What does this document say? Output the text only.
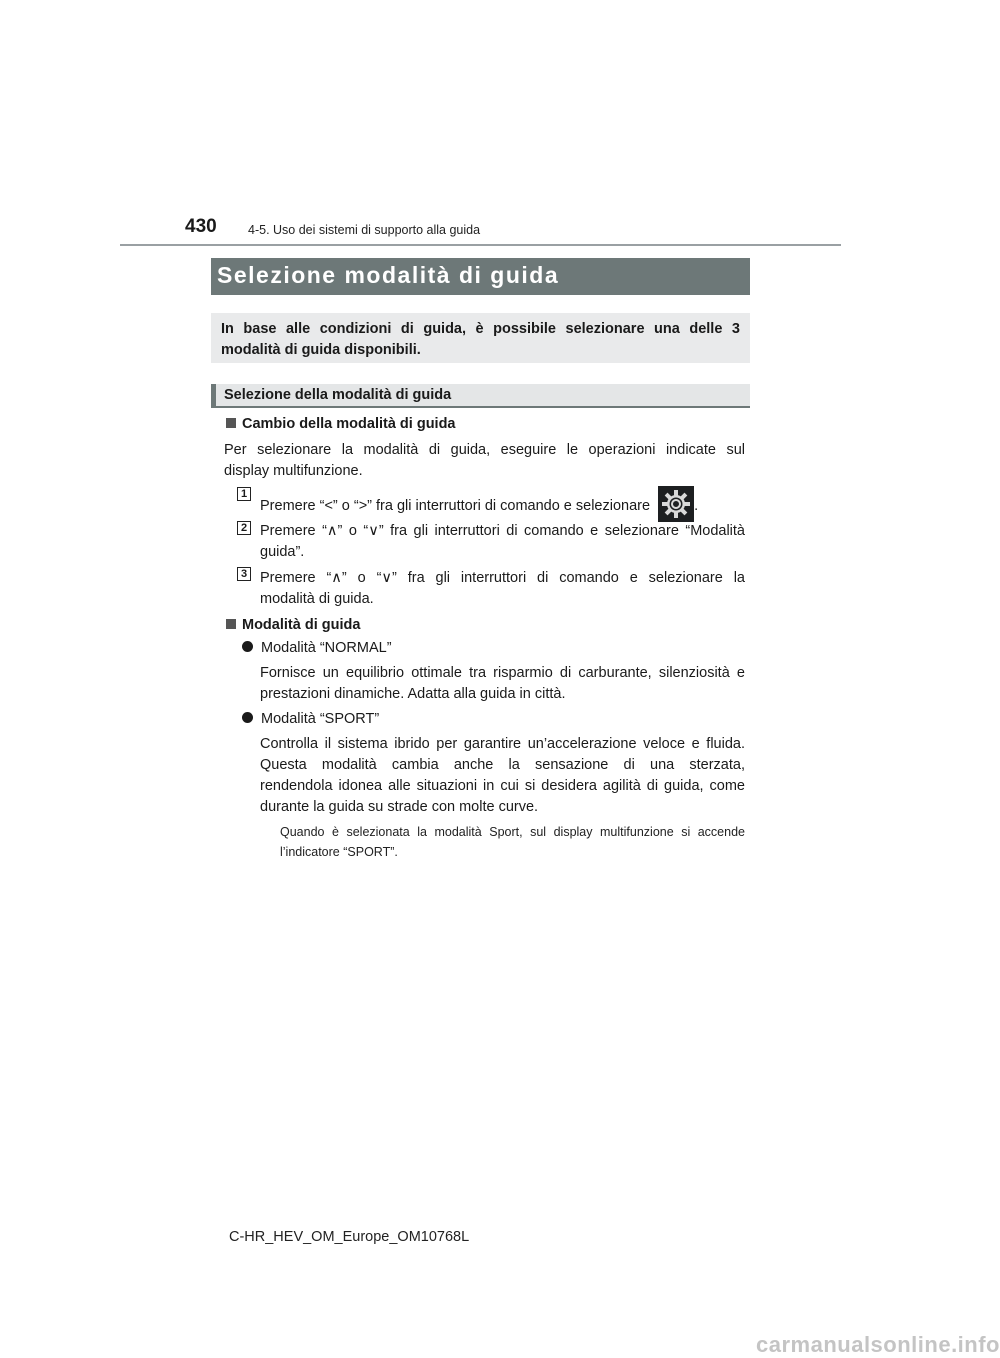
430	4-5. Uso dei sistemi di supporto alla guida
Selezione modalità di guida
In base alle condizioni di guida, è possibile selezionare una delle 3
modalità di guida disponibili.
Selezione della modalità di guida
Cambio della modalità di guida
Per selezionare la modalità di guida, eseguire le operazioni indicate sul
display multifunzione.
1
Premere “<” o “>” fra gli interruttori di comando e selezionare	.
2 Premere “∧” o “∨” fra gli interruttori di comando e selezionare “Modalità
guida”.
3 Premere “∧” o “∨” fra gli interruttori di comando e selezionare la
modalità di guida.
Modalità di guida
Modalità “NORMAL”
Fornisce un equilibrio ottimale tra risparmio di carburante, silenziosità e
prestazioni dinamiche. Adatta alla guida in città.
Modalità “SPORT”
Controlla il sistema ibrido per garantire un’accelerazione veloce e fluida.
Questa modalità cambia anche la sensazione di una sterzata,
rendendola idonea alle situazioni in cui si desidera agilità di guida, come
durante la guida su strade con molte curve.
Quando è selezionata la modalità Sport, sul display multifunzione si accende
l’indicatore “SPORT”.
C-HR_HEV_OM_Europe_OM10768L
carmanualsonline.info
